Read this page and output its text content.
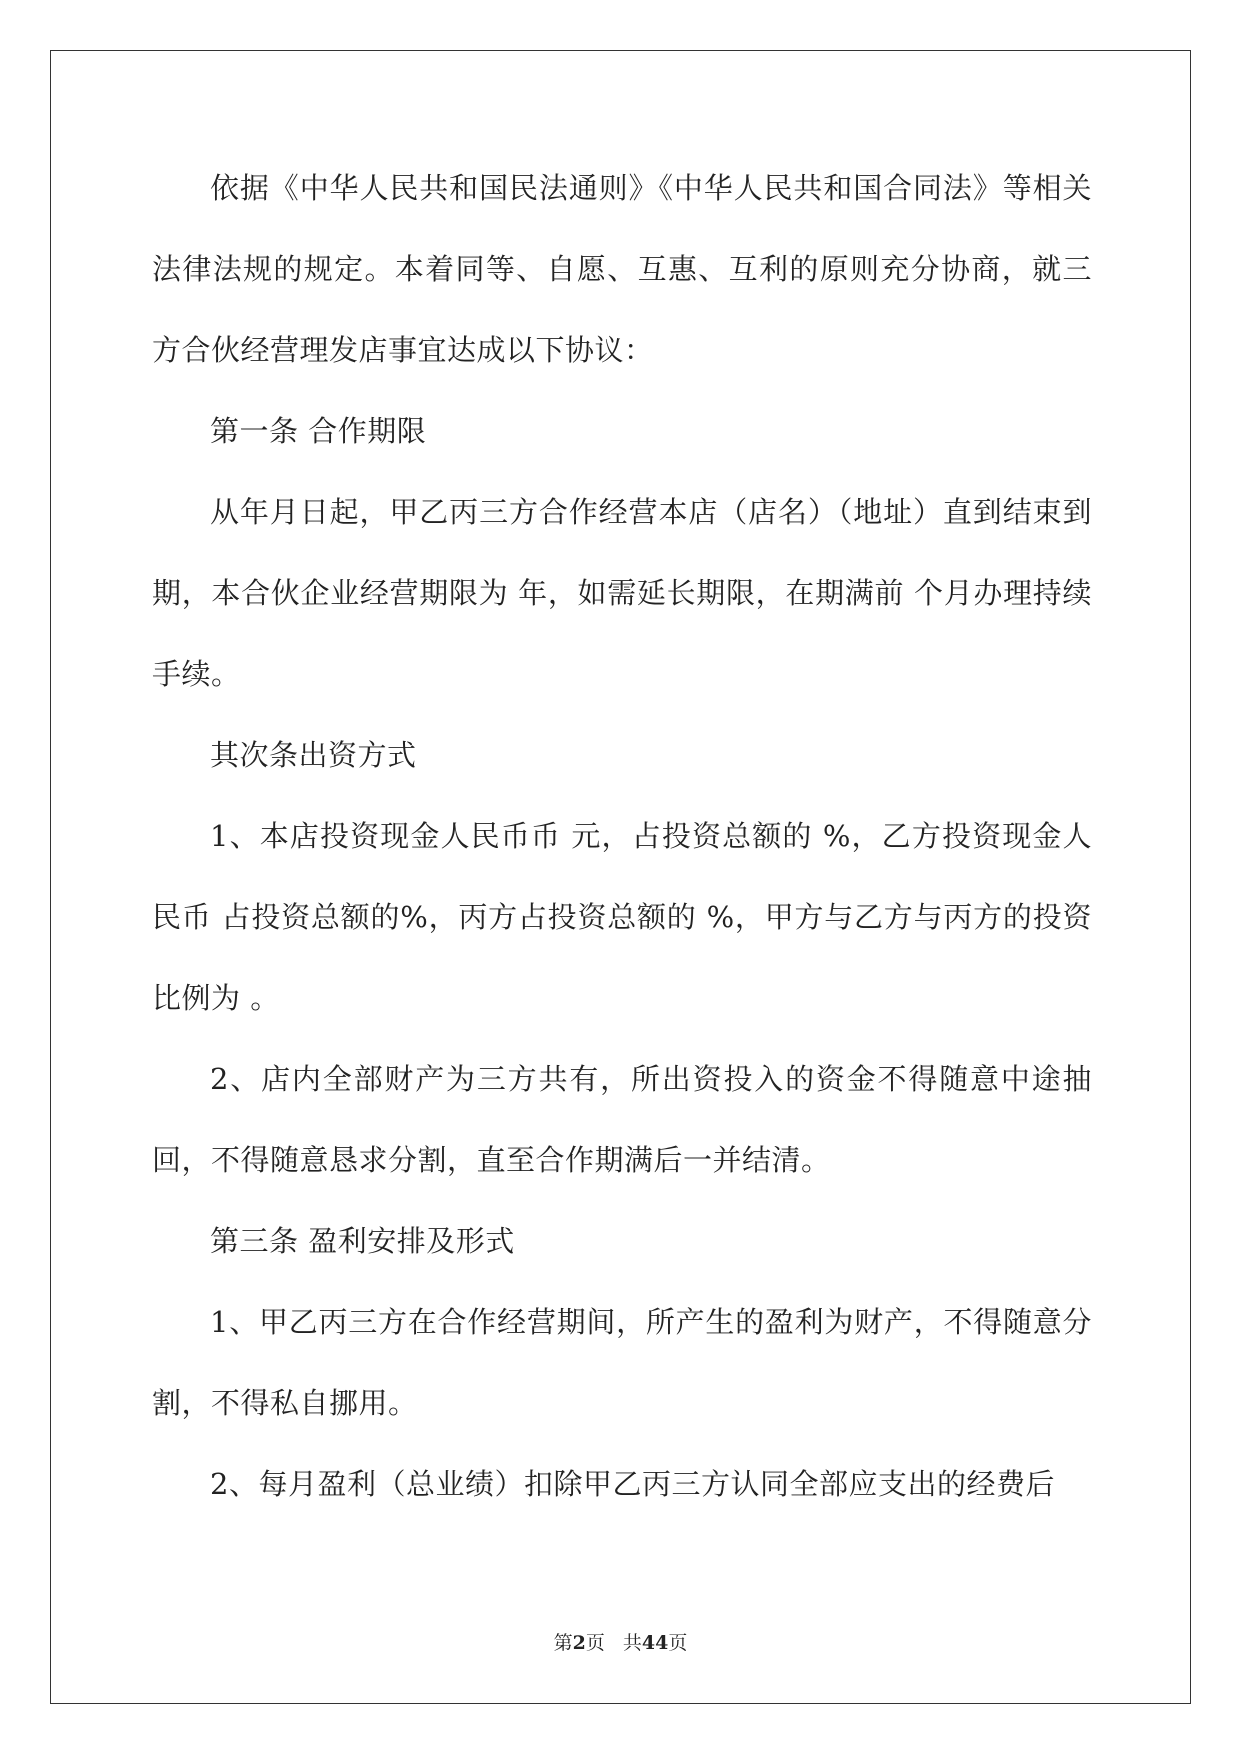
依据《中华人民共和国民法通则》《中华人民共和国合同法》等相关法律法规的规定。本着同等、自愿、互惠、互利的原则充分协商，就三方合伙经营理发店事宜达成以下协议：

第一条 合作期限

从年月日起，甲乙丙三方合作经营本店（店名）（地址）直到结束到期，本合伙企业经营期限为 年，如需延长期限，在期满前 个月办理持续手续。

其次条出资方式

1、本店投资现金人民币币 元，占投资总额的 %，乙方投资现金人民币 占投资总额的%，丙方占投资总额的 %，甲方与乙方与丙方的投资比例为 。

2、店内全部财产为三方共有，所出资投入的资金不得随意中途抽回，不得随意恳求分割，直至合作期满后一并结清。

第三条 盈利安排及形式

1、甲乙丙三方在合作经营期间，所产生的盈利为财产，不得随意分割，不得私自挪用。

2、每月盈利（总业绩）扣除甲乙丙三方认同全部应支出的经费后

第2页 共44页
